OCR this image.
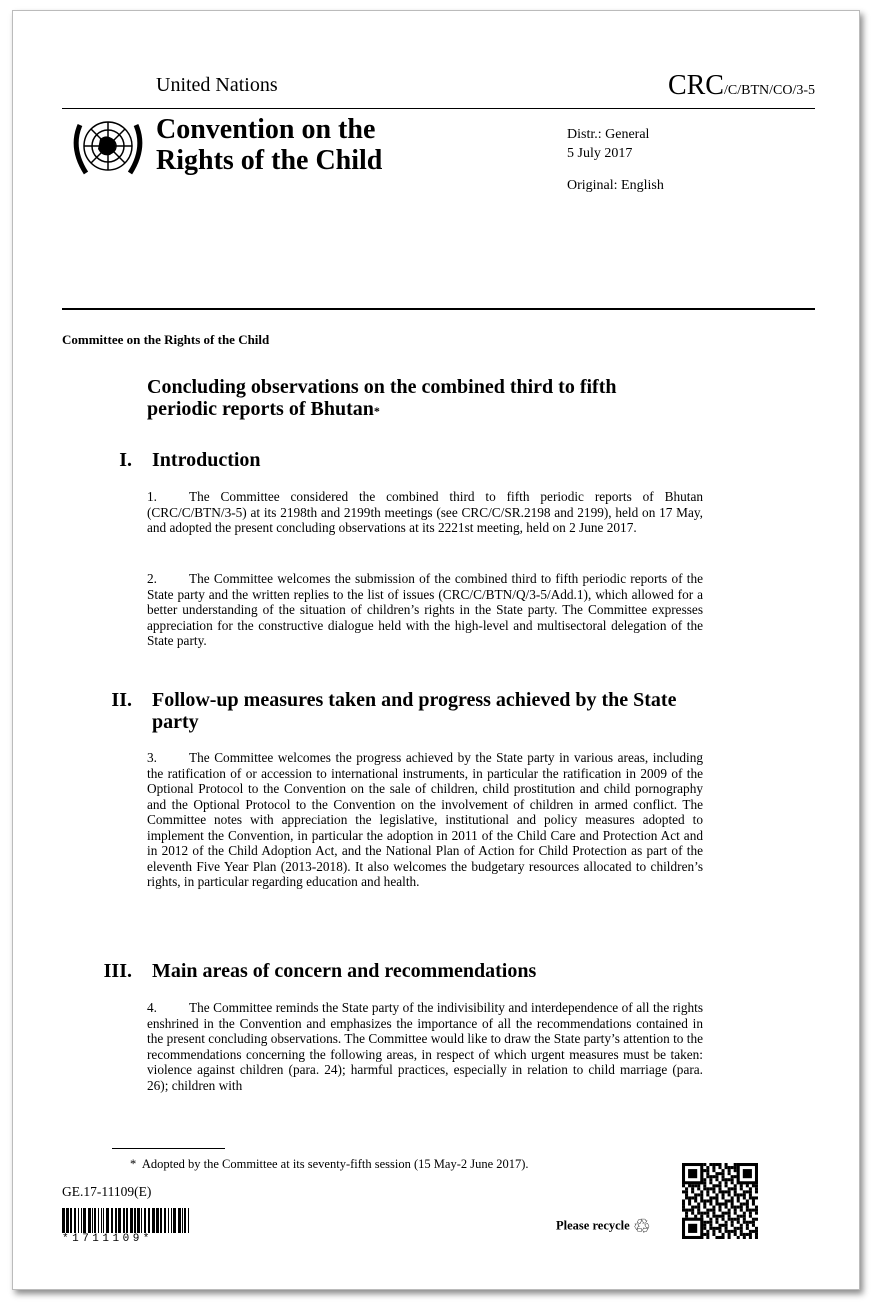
United Nations	CRC/C/BTN/CO/3-5
Convention on the
Rights of the Child
Distr.: General
5 July 2017
Original: English
Committee on the Rights of the Child
Concluding observations on the combined third to fifth
periodic reports of Bhutan*
I.	Introduction
1. The Committee considered the combined third to fifth periodic reports of Bhutan (CRC/C/BTN/3-5) at its 2198th and 2199th meetings (see CRC/C/SR.2198 and 2199), held on 17 May, and adopted the present concluding observations at its 2221st meeting, held on 2 June 2017.
2. The Committee welcomes the submission of the combined third to fifth periodic reports of the State party and the written replies to the list of issues (CRC/C/BTN/Q/3-5/Add.1), which allowed for a better understanding of the situation of children’s rights in the State party. The Committee expresses appreciation for the constructive dialogue held with the high-level and multisectoral delegation of the State party.
II.	Follow-up measures taken and progress achieved by the State party
3. The Committee welcomes the progress achieved by the State party in various areas, including the ratification of or accession to international instruments, in particular the ratification in 2009 of the Optional Protocol to the Convention on the sale of children, child prostitution and child pornography and the Optional Protocol to the Convention on the involvement of children in armed conflict. The Committee notes with appreciation the legislative, institutional and policy measures adopted to implement the Convention, in particular the adoption in 2011 of the Child Care and Protection Act and in 2012 of the Child Adoption Act, and the National Plan of Action for Child Protection as part of the eleventh Five Year Plan (2013-2018). It also welcomes the budgetary resources allocated to children’s rights, in particular regarding education and health.
III.	Main areas of concern and recommendations
4. The Committee reminds the State party of the indivisibility and interdependence of all the rights enshrined in the Convention and emphasizes the importance of all the recommendations contained in the present concluding observations. The Committee would like to draw the State party’s attention to the recommendations concerning the following areas, in respect of which urgent measures must be taken: violence against children (para. 24); harmful practices, especially in relation to child marriage (para. 26); children with
* Adopted by the Committee at its seventy-fifth session (15 May-2 June 2017).
GE.17-11109(E)
*1711109*
Please recycle ♲
